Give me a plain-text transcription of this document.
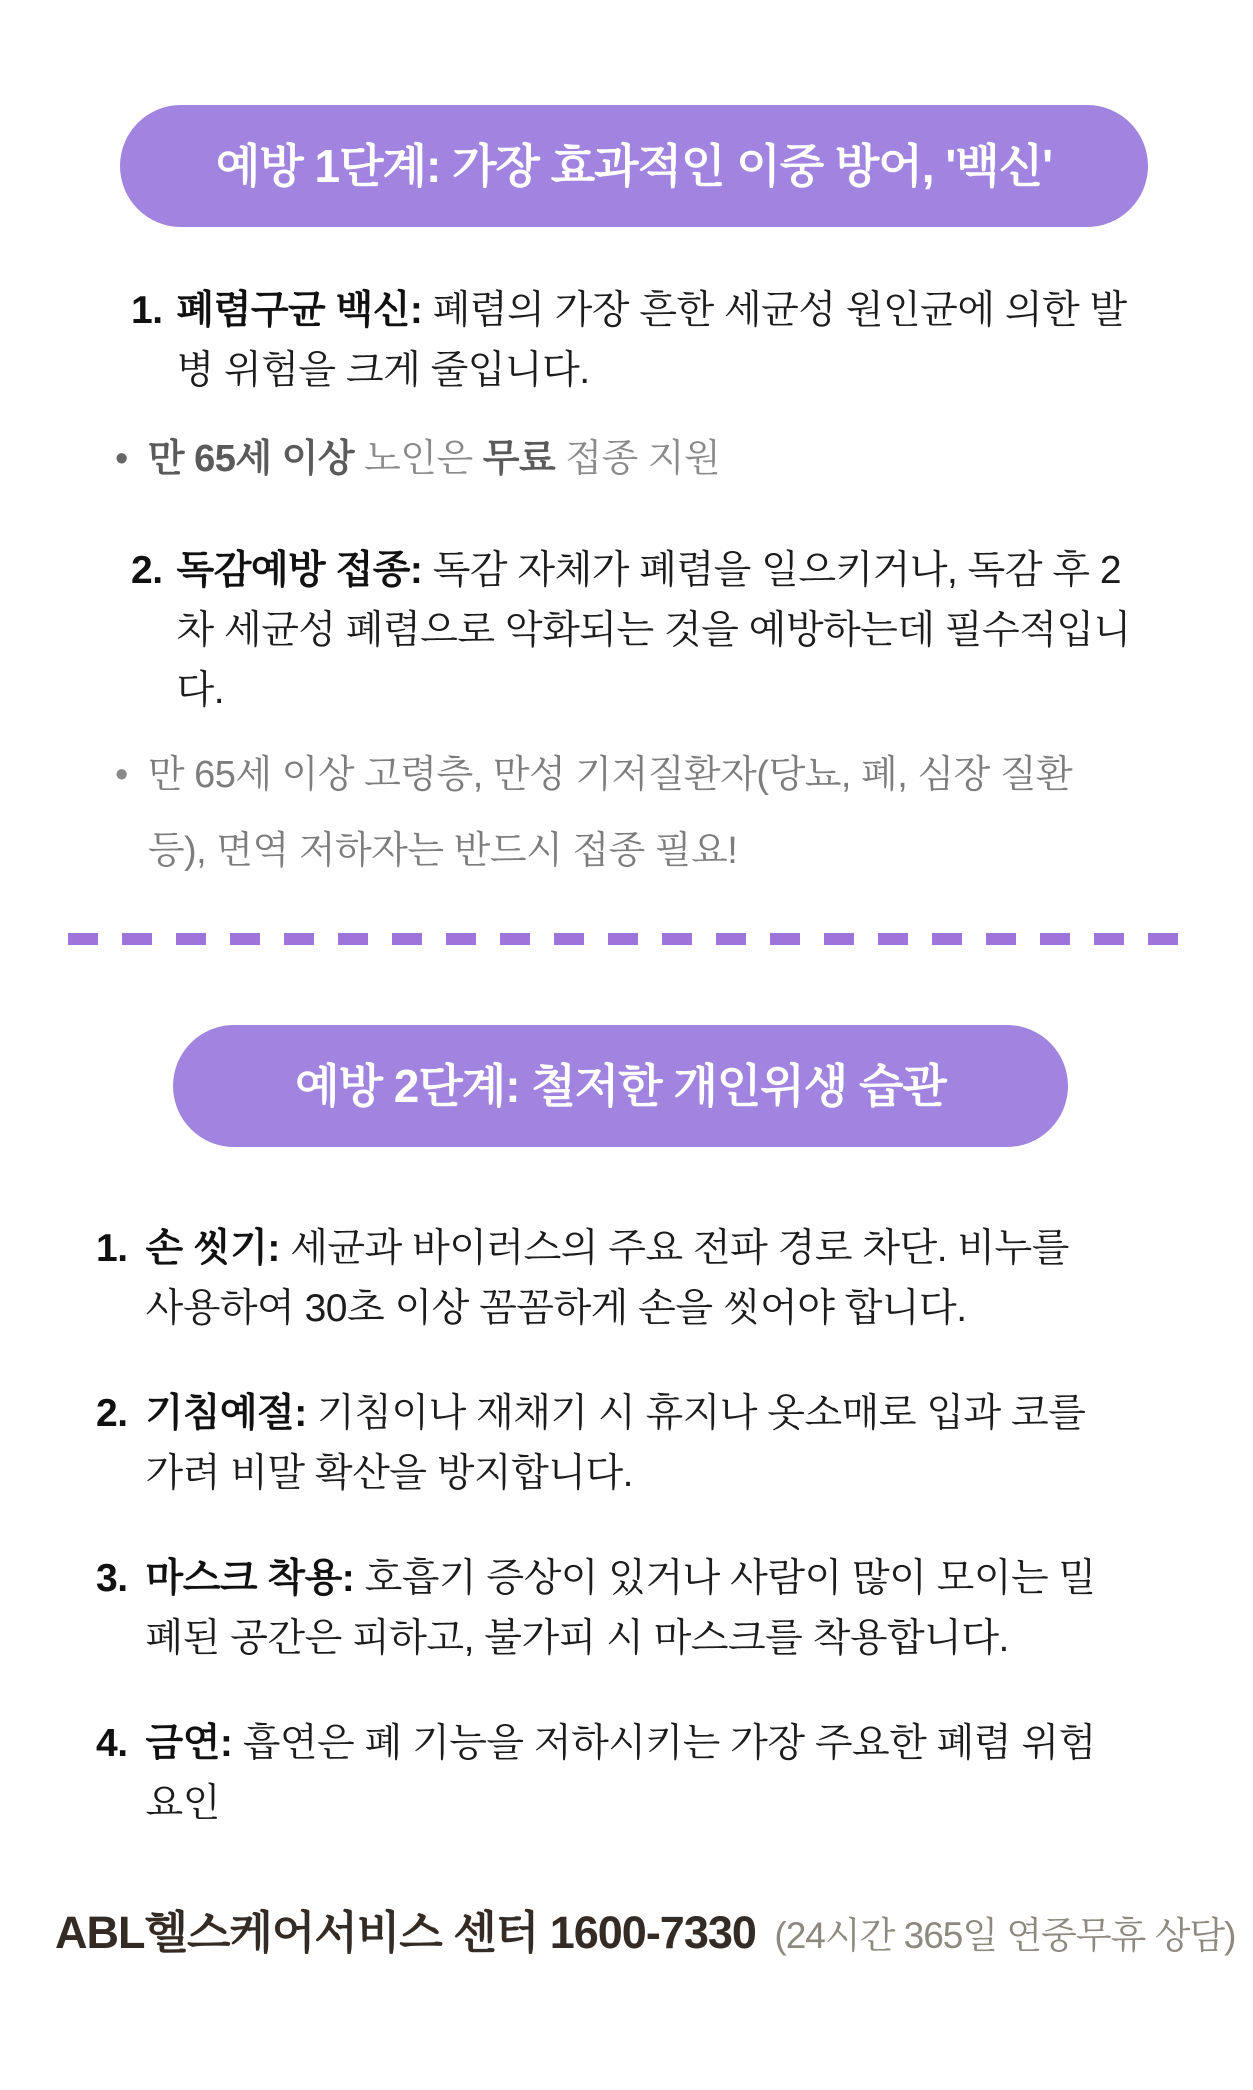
예방 1단계: 가장 효과적인 이중 방어, '백신'
1. 폐렴구균 백신: 폐렴의 가장 흔한 세균성 원인균에 의한 발병 위험을 크게 줄입니다.
• 만 65세 이상 노인은 무료 접종 지원
2. 독감예방 접종: 독감 자체가 폐렴을 일으키거나, 독감 후 2차 세균성 폐렴으로 악화되는 것을 예방하는데 필수적입니다.
• 만 65세 이상 고령층, 만성 기저질환자(당뇨, 폐, 심장 질환 등), 면역 저하자는 반드시 접종 필요!
예방 2단계: 철저한 개인위생 습관
1. 손 씻기: 세균과 바이러스의 주요 전파 경로 차단. 비누를 사용하여 30초 이상 꼼꼼하게 손을 씻어야 합니다.
2. 기침예절: 기침이나 재채기 시 휴지나 옷소매로 입과 코를 가려 비말 확산을 방지합니다.
3. 마스크 착용: 호흡기 증상이 있거나 사람이 많이 모이는 밀폐된 공간은 피하고, 불가피 시 마스크를 착용합니다.
4. 금연: 흡연은 폐 기능을 저하시키는 가장 주요한 폐렴 위험 요인
ABL헬스케어서비스 센터 1600-7330 (24시간 365일 연중무휴 상담)
